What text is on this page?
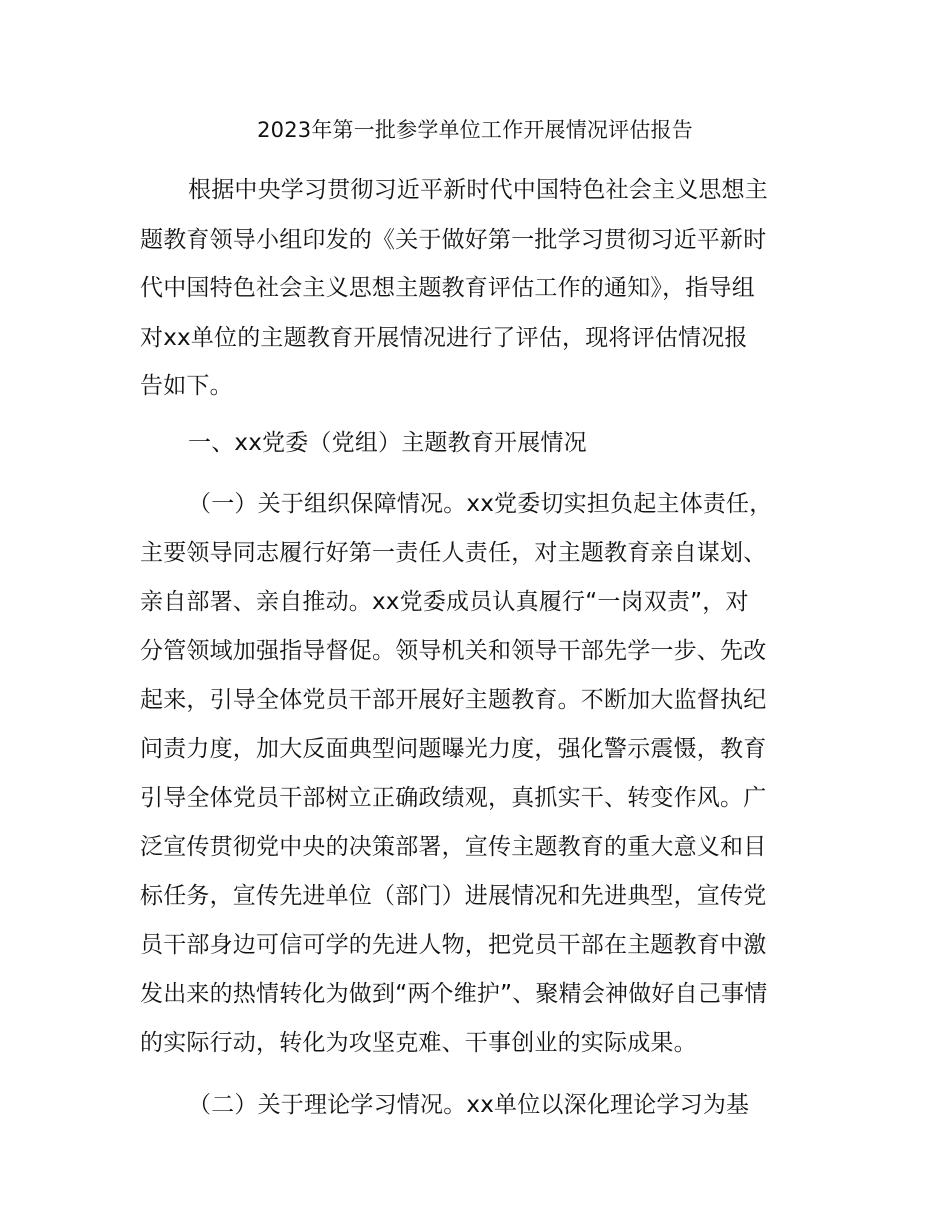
2023年第一批参学单位工作开展情况评估报告
根据中央学习贯彻习近平新时代中国特色社会主义思想主
题教育领导小组印发的《关于做好第一批学习贯彻习近平新时
代中国特色社会主义思想主题教育评估工作的通知》，指导组
对xx单位的主题教育开展情况进行了评估，现将评估情况报
告如下。
一、xx党委（党组）主题教育开展情况
（一）关于组织保障情况。xx党委切实担负起主体责任，
主要领导同志履行好第一责任人责任，对主题教育亲自谋划、
亲自部署、亲自推动。xx党委成员认真履行“一岗双责”，对
分管领域加强指导督促。领导机关和领导干部先学一步、先改
起来，引导全体党员干部开展好主题教育。不断加大监督执纪
问责力度，加大反面典型问题曝光力度，强化警示震慑，教育
引导全体党员干部树立正确政绩观，真抓实干、转变作风。广
泛宣传贯彻党中央的决策部署，宣传主题教育的重大意义和目
标任务，宣传先进单位（部门）进展情况和先进典型，宣传党
员干部身边可信可学的先进人物，把党员干部在主题教育中激
发出来的热情转化为做到“两个维护”、聚精会神做好自己事情
的实际行动，转化为攻坚克难、干事创业的实际成果。
（二）关于理论学习情况。xx单位以深化理论学习为基
